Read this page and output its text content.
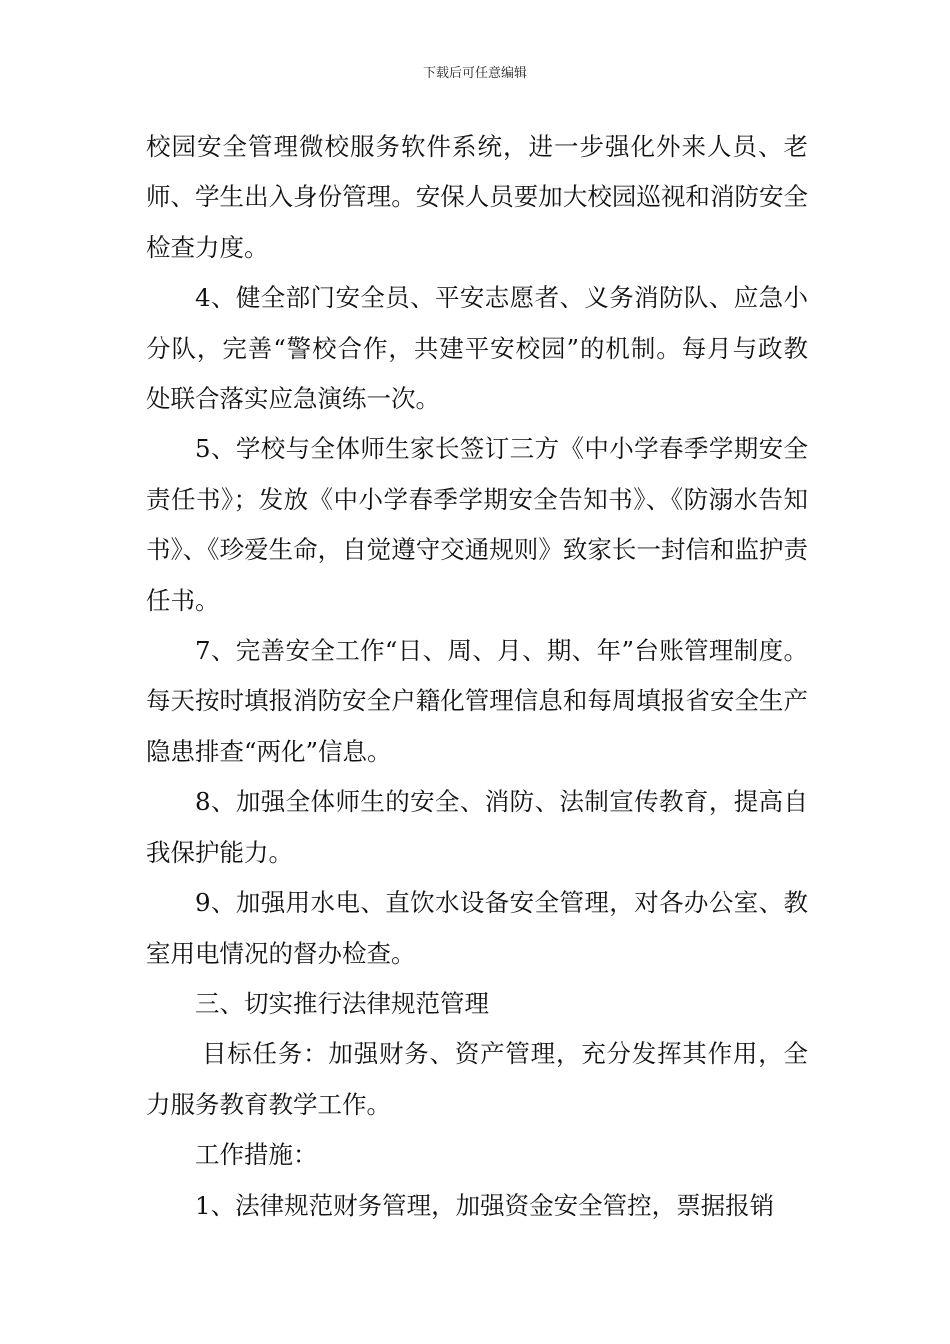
下载后可任意编辑

校园安全管理微校服务软件系统，进一步强化外来人员、老师、学生出入身份管理。安保人员要加大校园巡视和消防安全检查力度。

4、健全部门安全员、平安志愿者、义务消防队、应急小分队，完善“警校合作，共建平安校园”的机制。每月与政教处联合落实应急演练一次。

5、学校与全体师生家长签订三方《中小学春季学期安全责任书》；发放《中小学春季学期安全告知书》、《防溺水告知书》、《珍爱生命，自觉遵守交通规则》致家长一封信和监护责任书。

7、完善安全工作“日、周、月、期、年”台账管理制度。每天按时填报消防安全户籍化管理信息和每周填报省安全生产隐患排查“两化”信息。

8、加强全体师生的安全、消防、法制宣传教育，提高自我保护能力。

9、加强用水电、直饮水设备安全管理，对各办公室、教室用电情况的督办检查。

三、切实推行法律规范管理

目标任务：加强财务、资产管理，充分发挥其作用，全力服务教育教学工作。

工作措施：

1、法律规范财务管理，加强资金安全管控，票据报销
